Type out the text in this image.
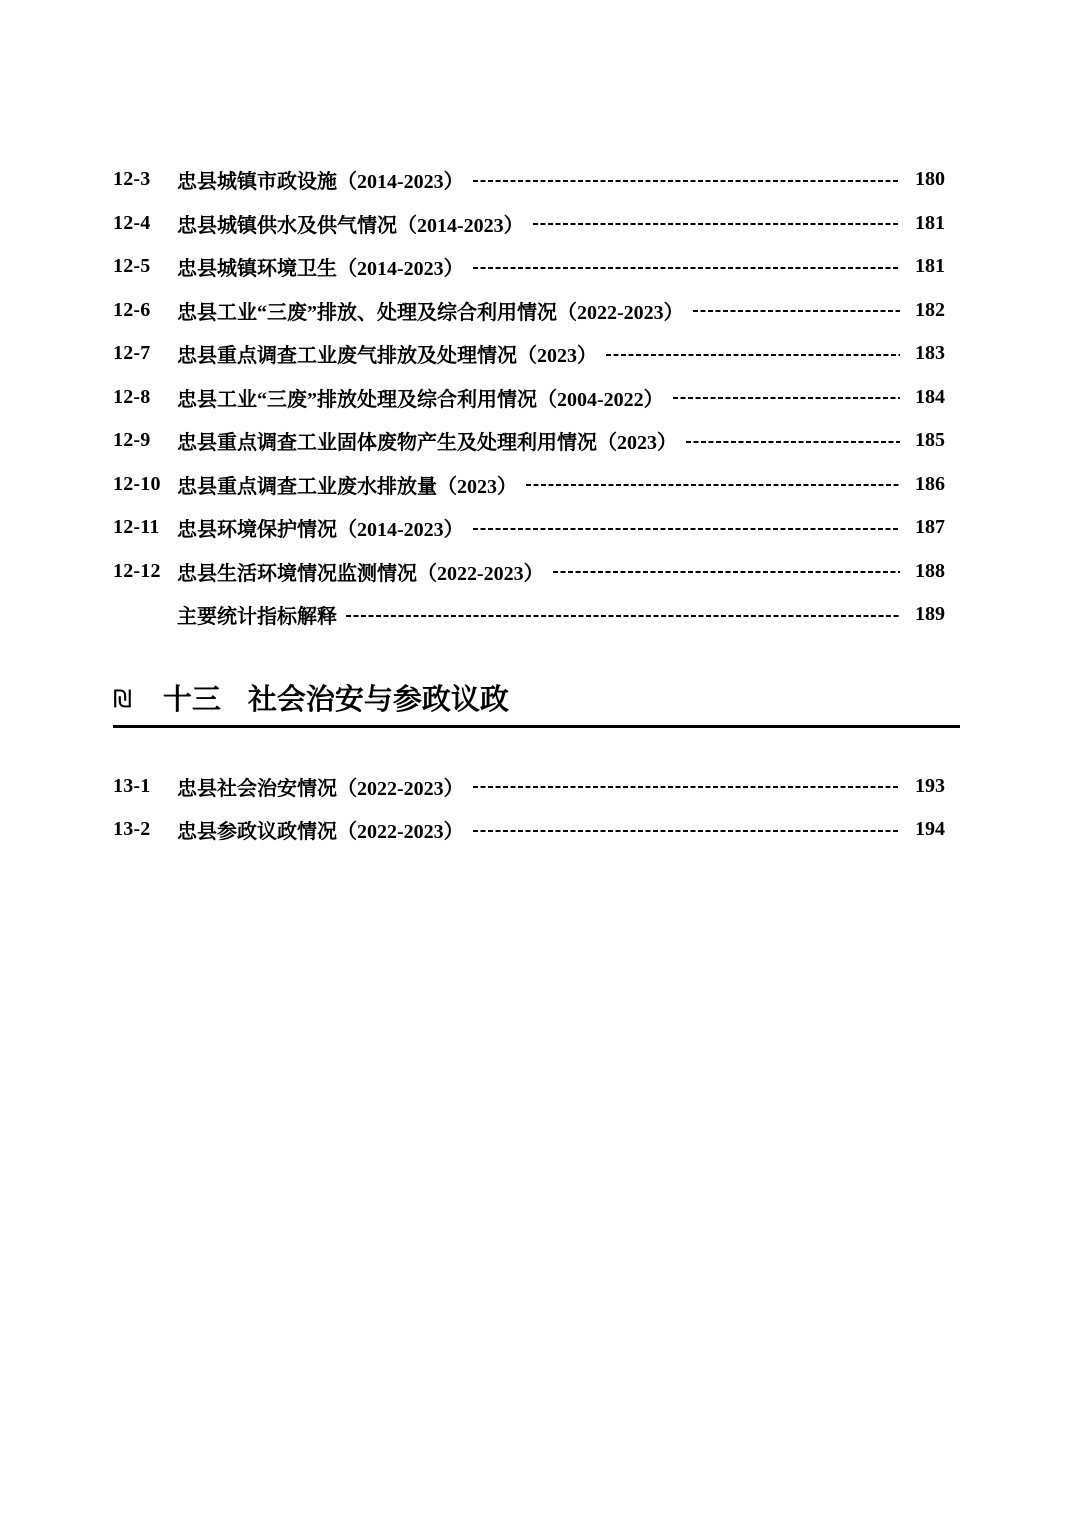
12-3	忠县城镇市政设施（2014-2023）	180
12-4	忠县城镇供水及供气情况（2014-2023）	181
12-5	忠县城镇环境卫生（2014-2023）	181
12-6	忠县工业“三废”排放、处理及综合利用情况（2022-2023）	182
12-7	忠县重点调查工业废气排放及处理情况（2023）	183
12-8	忠县工业“三废”排放处理及综合利用情况（2004-2022）	184
12-9	忠县重点调查工业固体废物产生及处理利用情况（2023）	185
12-10 忠县重点调查工业废水排放量（2023）	186
12-11 忠县环境保护情况（2014-2023）	187
12-12 忠县生活环境情况监测情况（2022-2023）	188
主要统计指标解释	189
₪ 十三 社会治安与参政议政
13-1	忠县社会治安情况（2022-2023）	193
13-2	忠县参政议政情况（2022-2023）	194
